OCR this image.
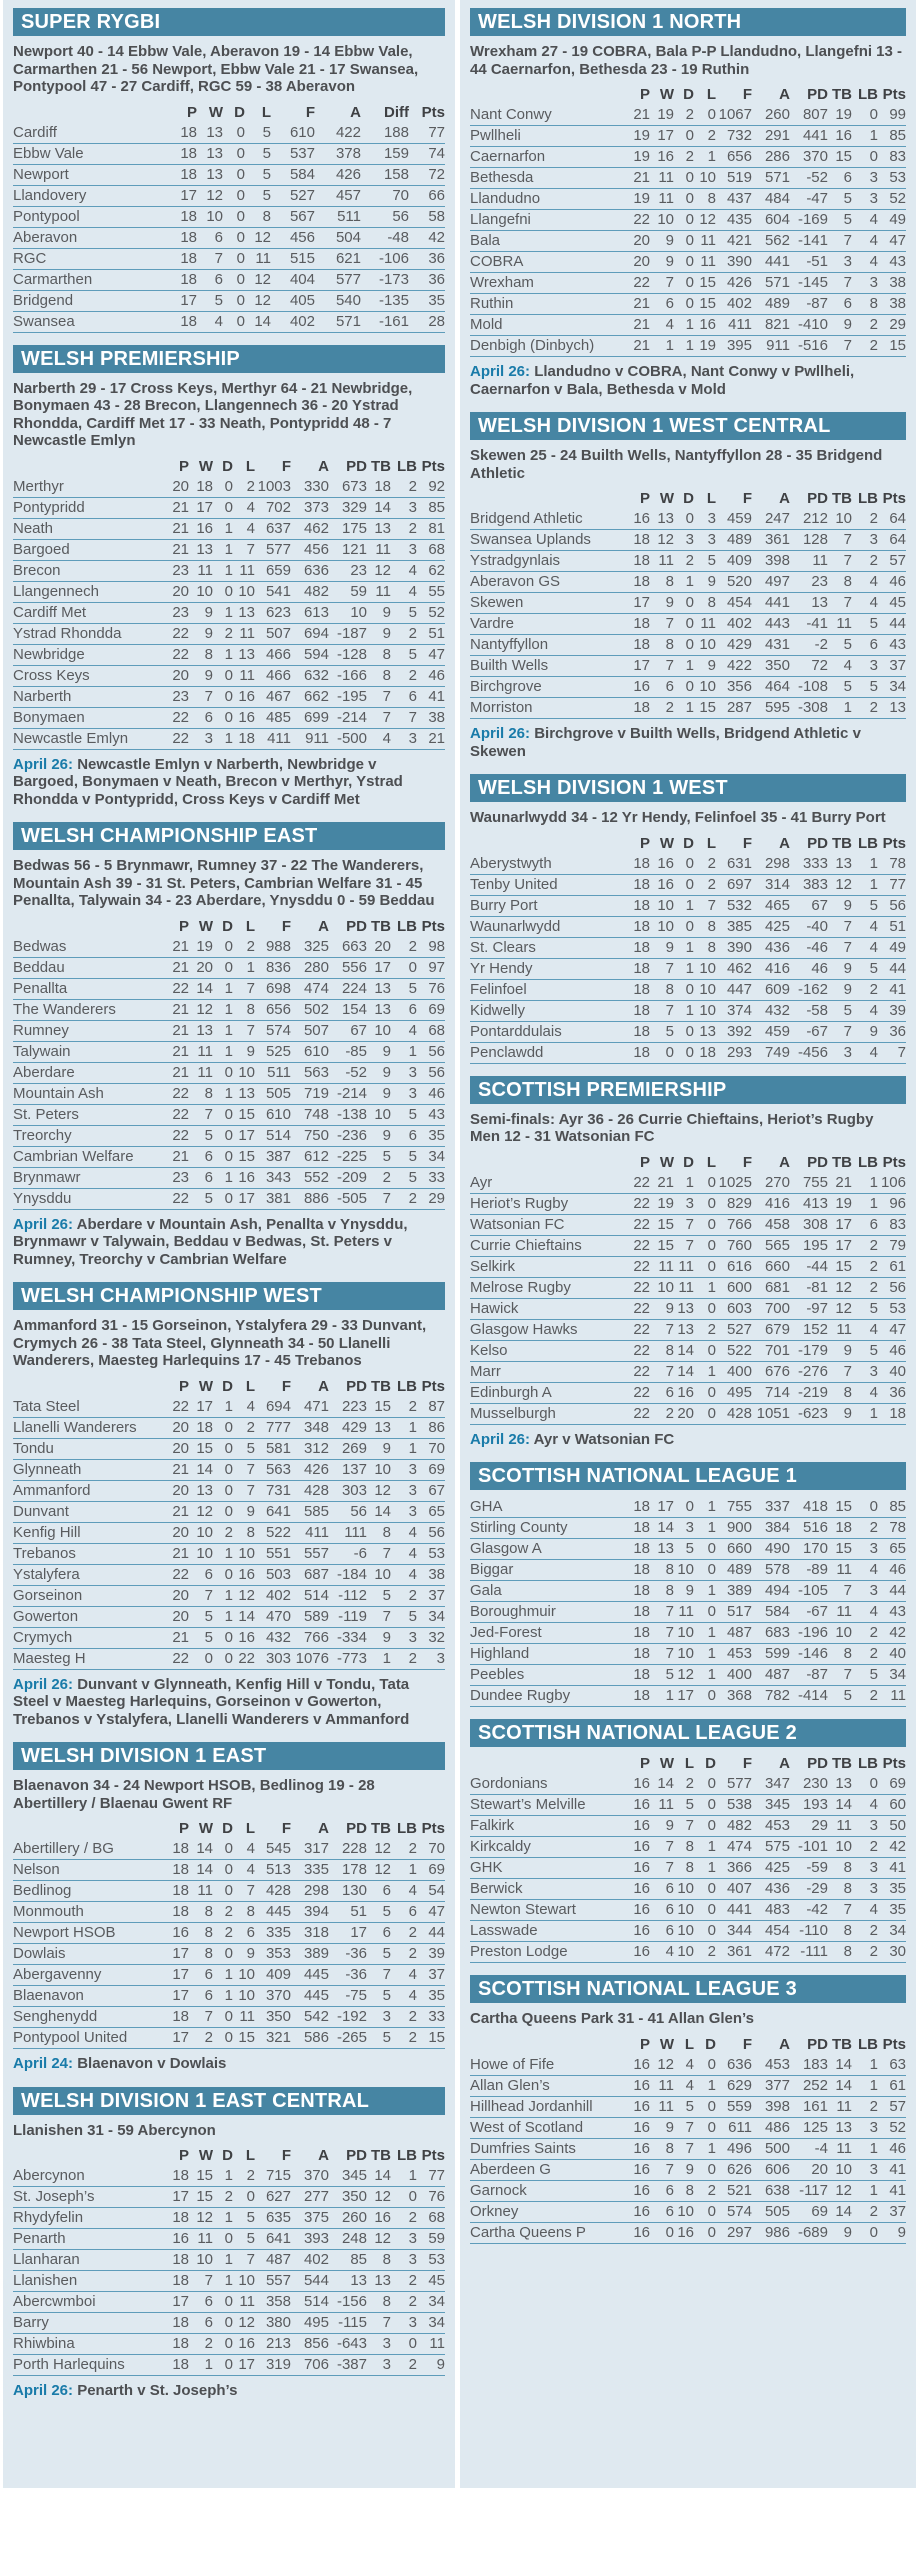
SUPER RYGBI

Newport 40 - 14 Ebbw Vale, Aberavon 19 - 14 Ebbw Vale, Carmarthen 21 - 56 Newport, Ebbw Vale 21 - 17 Swansea, Pontypool 47 - 27 Cardiff, RGC 59 - 38 Aberavon

	P	W	D	L	F	A	Diff	Pts
Cardiff	18	13	0	5	610	422	188	77
Ebbw Vale	18	13	0	5	537	378	159	74
Newport	18	13	0	5	584	426	158	72
Llandovery	17	12	0	5	527	457	70	66
Pontypool	18	10	0	8	567	511	56	58
Aberavon	18	6	0	12	456	504	-48	42
RGC	18	7	0	11	515	621	-106	36
Carmarthen	18	6	0	12	404	577	-173	36
Bridgend	17	5	0	12	405	540	-135	35
Swansea	18	4	0	14	402	571	-161	28
WELSH PREMIERSHIP

Narberth 29 - 17 Cross Keys, Merthyr 64 - 21 Newbridge, Bonymaen 43 - 28 Brecon, Llangennech 36 - 20 Ystrad Rhondda, Cardiff Met 17 - 33 Neath, Pontypridd 48 - 7 Newcastle Emlyn

	P	W	D	L	F	A	PD	TB	LB	Pts
Merthyr	20	18	0	2	1003	330	673	18	2	92
Pontypridd	21	17	0	4	702	373	329	14	3	85
Neath	21	16	1	4	637	462	175	13	2	81
Bargoed	21	13	1	7	577	456	121	11	3	68
Brecon	23	11	1	11	659	636	23	12	4	62
Llangennech	20	10	0	10	541	482	59	11	4	55
Cardiff Met	23	9	1	13	623	613	10	9	5	52
Ystrad Rhondda	22	9	2	11	507	694	-187	9	2	51
Newbridge	22	8	1	13	466	594	-128	8	5	47
Cross Keys	20	9	0	11	466	632	-166	8	2	46
Narberth	23	7	0	16	467	662	-195	7	6	41
Bonymaen	22	6	0	16	485	699	-214	7	7	38
Newcastle Emlyn	22	3	1	18	411	911	-500	4	3	21

April 26: Newcastle Emlyn v Narberth, Newbridge v Bargoed, Bonymaen v Neath, Brecon v Merthyr, Ystrad Rhondda v Pontypridd, Cross Keys v Cardiff Met

WELSH CHAMPIONSHIP EAST

Bedwas 56 - 5 Brynmawr, Rumney 37 - 22 The Wanderers, Mountain Ash 39 - 31 St. Peters, Cambrian Welfare 31 - 45 Penallta, Talywain 34 - 23 Aberdare, Ynysddu 0 - 59 Beddau

	P	W	D	L	F	A	PD	TB	LB	Pts
Bedwas	21	19	0	2	988	325	663	20	2	98
Beddau	21	20	0	1	836	280	556	17	0	97
Penallta	22	14	1	7	698	474	224	13	5	76
The Wanderers	21	12	1	8	656	502	154	13	6	69
Rumney	21	13	1	7	574	507	67	10	4	68
Talywain	21	11	1	9	525	610	-85	9	1	56
Aberdare	21	11	0	10	511	563	-52	9	3	56
Mountain Ash	22	8	1	13	505	719	-214	9	3	46
St. Peters	22	7	0	15	610	748	-138	10	5	43
Treorchy	22	5	0	17	514	750	-236	9	6	35
Cambrian Welfare	21	6	0	15	387	612	-225	5	5	34
Brynmawr	23	6	1	16	343	552	-209	2	5	33
Ynysddu	22	5	0	17	381	886	-505	7	2	29

April 26: Aberdare v Mountain Ash, Penallta v Ynysddu, Brynmawr v Talywain, Beddau v Bedwas, St. Peters v Rumney, Treorchy v Cambrian Welfare

WELSH CHAMPIONSHIP WEST

Ammanford 31 - 15 Gorseinon, Ystalyfera 29 - 33 Dunvant, Crymych 26 - 38 Tata Steel, Glynneath 34 - 50 Llanelli Wanderers, Maesteg Harlequins 17 - 45 Trebanos

	P	W	D	L	F	A	PD	TB	LB	Pts
Tata Steel	22	17	1	4	694	471	223	15	2	87
Llanelli Wanderers	20	18	0	2	777	348	429	13	1	86
Tondu	20	15	0	5	581	312	269	9	1	70
Glynneath	21	14	0	7	563	426	137	10	3	69
Ammanford	20	13	0	7	731	428	303	12	3	67
Dunvant	21	12	0	9	641	585	56	14	3	65
Kenfig Hill	20	10	2	8	522	411	111	8	4	56
Trebanos	21	10	1	10	551	557	-6	7	4	53
Ystalyfera	22	6	0	16	503	687	-184	10	4	38
Gorseinon	20	7	1	12	402	514	-112	5	2	37
Gowerton	20	5	1	14	470	589	-119	7	5	34
Crymych	21	5	0	16	432	766	-334	9	3	32
Maesteg H	22	0	0	22	303	1076	-773	1	2	3

April 26: Dunvant v Glynneath, Kenfig Hill v Tondu, Tata Steel v Maesteg Harlequins, Gorseinon v Gowerton, Trebanos v Ystalyfera, Llanelli Wanderers v Ammanford

WELSH DIVISION 1 EAST

Blaenavon 34 - 24 Newport HSOB, Bedlinog 19 - 28 Abertillery / Blaenau Gwent RF

	P	W	D	L	F	A	PD	TB	LB	Pts
Abertillery / BG	18	14	0	4	545	317	228	12	2	70
Nelson	18	14	0	4	513	335	178	12	1	69
Bedlinog	18	11	0	7	428	298	130	6	4	54
Monmouth	18	8	2	8	445	394	51	5	6	47
Newport HSOB	16	8	2	6	335	318	17	6	2	44
Dowlais	17	8	0	9	353	389	-36	5	2	39
Abergavenny	17	6	1	10	409	445	-36	7	4	37
Blaenavon	17	6	1	10	370	445	-75	5	4	35
Senghenydd	18	7	0	11	350	542	-192	3	2	33
Pontypool United	17	2	0	15	321	586	-265	5	2	15

April 24: Blaenavon v Dowlais

WELSH DIVISION 1 EAST CENTRAL

Llanishen 31 - 59 Abercynon

	P	W	D	L	F	A	PD	TB	LB	Pts
Abercynon	18	15	1	2	715	370	345	14	1	77
St. Joseph’s	17	15	2	0	627	277	350	12	0	76
Rhydyfelin	18	12	1	5	635	375	260	16	2	68
Penarth	16	11	0	5	641	393	248	12	3	59
Llanharan	18	10	1	7	487	402	85	8	3	53
Llanishen	18	7	1	10	557	544	13	13	2	45
Abercwmboi	17	6	0	11	358	514	-156	8	2	34
Barry	18	6	0	12	380	495	-115	7	3	34
Rhiwbina	18	2	0	16	213	856	-643	3	0	11
Porth Harlequins	18	1	0	17	319	706	-387	3	2	9

April 26: Penarth v St. Joseph’s

WELSH DIVISION 1 NORTH

Wrexham 27 - 19 COBRA, Bala P-P Llandudno, Llangefni 13 - 44 Caernarfon, Bethesda 23 - 19 Ruthin

	P	W	D	L	F	A	PD	TB	LB	Pts
Nant Conwy	21	19	2	0	1067	260	807	19	0	99
Pwllheli	19	17	0	2	732	291	441	16	1	85
Caernarfon	19	16	2	1	656	286	370	15	0	83
Bethesda	21	11	0	10	519	571	-52	6	3	53
Llandudno	19	11	0	8	437	484	-47	5	3	52
Llangefni	22	10	0	12	435	604	-169	5	4	49
Bala	20	9	0	11	421	562	-141	7	4	47
COBRA	20	9	0	11	390	441	-51	3	4	43
Wrexham	22	7	0	15	426	571	-145	7	3	38
Ruthin	21	6	0	15	402	489	-87	6	8	38
Mold	21	4	1	16	411	821	-410	9	2	29
Denbigh (Dinbych)	21	1	1	19	395	911	-516	7	2	15

April 26: Llandudno v COBRA, Nant Conwy v Pwllheli, Caernarfon v Bala, Bethesda v Mold

WELSH DIVISION 1 WEST CENTRAL

Skewen 25 - 24 Builth Wells, Nantyffyllon 28 - 35 Bridgend Athletic

	P	W	D	L	F	A	PD	TB	LB	Pts
Bridgend Athletic	16	13	0	3	459	247	212	10	2	64
Swansea Uplands	18	12	3	3	489	361	128	7	3	64
Ystradgynlais	18	11	2	5	409	398	11	7	2	57
Aberavon GS	18	8	1	9	520	497	23	8	4	46
Skewen	17	9	0	8	454	441	13	7	4	45
Vardre	18	7	0	11	402	443	-41	11	5	44
Nantyffyllon	18	8	0	10	429	431	-2	5	6	43
Builth Wells	17	7	1	9	422	350	72	4	3	37
Birchgrove	16	6	0	10	356	464	-108	5	5	34
Morriston	18	2	1	15	287	595	-308	1	2	13

April 26: Birchgrove v Builth Wells, Bridgend Athletic v Skewen

WELSH DIVISION 1 WEST

Waunarlwydd 34 - 12 Yr Hendy, Felinfoel 35 - 41 Burry Port

	P	W	D	L	F	A	PD	TB	LB	Pts
Aberystwyth	18	16	0	2	631	298	333	13	1	78
Tenby United	18	16	0	2	697	314	383	12	1	77
Burry Port	18	10	1	7	532	465	67	9	5	56
Waunarlwydd	18	10	0	8	385	425	-40	7	4	51
St. Clears	18	9	1	8	390	436	-46	7	4	49
Yr Hendy	18	7	1	10	462	416	46	9	5	44
Felinfoel	18	8	0	10	447	609	-162	9	2	41
Kidwelly	18	7	1	10	374	432	-58	5	4	39
Pontarddulais	18	5	0	13	392	459	-67	7	9	36
Penclawdd	18	0	0	18	293	749	-456	3	4	7
SCOTTISH PREMIERSHIP

Semi-finals: Ayr 36 - 26 Currie Chieftains, Heriot’s Rugby Men 12 - 31 Watsonian FC

	P	W	D	L	F	A	PD	TB	LB	Pts
Ayr	22	21	1	0	1025	270	755	21	1	106
Heriot’s Rugby	22	19	3	0	829	416	413	19	1	96
Watsonian FC	22	15	7	0	766	458	308	17	6	83
Currie Chieftains	22	15	7	0	760	565	195	17	2	79
Selkirk	22	11	11	0	616	660	-44	15	2	61
Melrose Rugby	22	10	11	1	600	681	-81	12	2	56
Hawick	22	9	13	0	603	700	-97	12	5	53
Glasgow Hawks	22	7	13	2	527	679	152	11	4	47
Kelso	22	8	14	0	522	701	-179	9	5	46
Marr	22	7	14	1	400	676	-276	7	3	40
Edinburgh A	22	6	16	0	495	714	-219	8	4	36
Musselburgh	22	2	20	0	428	1051	-623	9	1	18

April 26: Ayr v Watsonian FC

SCOTTISH NATIONAL LEAGUE 1
GHA	18	17	0	1	755	337	418	15	0	85
Stirling County	18	14	3	1	900	384	516	18	2	78
Glasgow A	18	13	5	0	660	490	170	15	3	65
Biggar	18	8	10	0	489	578	-89	11	4	46
Gala	18	8	9	1	389	494	-105	7	3	44
Boroughmuir	18	7	11	0	517	584	-67	11	4	43
Jed-Forest	18	7	10	1	487	683	-196	10	2	42
Highland	18	7	10	1	453	599	-146	8	2	40
Peebles	18	5	12	1	400	487	-87	7	5	34
Dundee Rugby	18	1	17	0	368	782	-414	5	2	11
SCOTTISH NATIONAL LEAGUE 2
	P	W	L	D	F	A	PD	TB	LB	Pts
Gordonians	16	14	2	0	577	347	230	13	0	69
Stewart’s Melville	16	11	5	0	538	345	193	14	4	60
Falkirk	16	9	7	0	482	453	29	11	3	50
Kirkcaldy	16	7	8	1	474	575	-101	10	2	42
GHK	16	7	8	1	366	425	-59	8	3	41
Berwick	16	6	10	0	407	436	-29	8	3	35
Newton Stewart	16	6	10	0	441	483	-42	7	4	35
Lasswade	16	6	10	0	344	454	-110	8	2	34
Preston Lodge	16	4	10	2	361	472	-111	8	2	30
SCOTTISH NATIONAL LEAGUE 3

Cartha Queens Park 31 - 41 Allan Glen’s

	P	W	L	D	F	A	PD	TB	LB	Pts
Howe of Fife	16	12	4	0	636	453	183	14	1	63
Allan Glen’s	16	11	4	1	629	377	252	14	1	61
Hillhead Jordanhill	16	11	5	0	559	398	161	11	2	57
West of Scotland	16	9	7	0	611	486	125	13	3	52
Dumfries Saints	16	8	7	1	496	500	-4	11	1	46
Aberdeen G	16	7	9	0	626	606	20	10	3	41
Garnock	16	6	8	2	521	638	-117	12	1	41
Orkney	16	6	10	0	574	505	69	14	2	37
Cartha Queens P	16	0	16	0	297	986	-689	9	0	9
